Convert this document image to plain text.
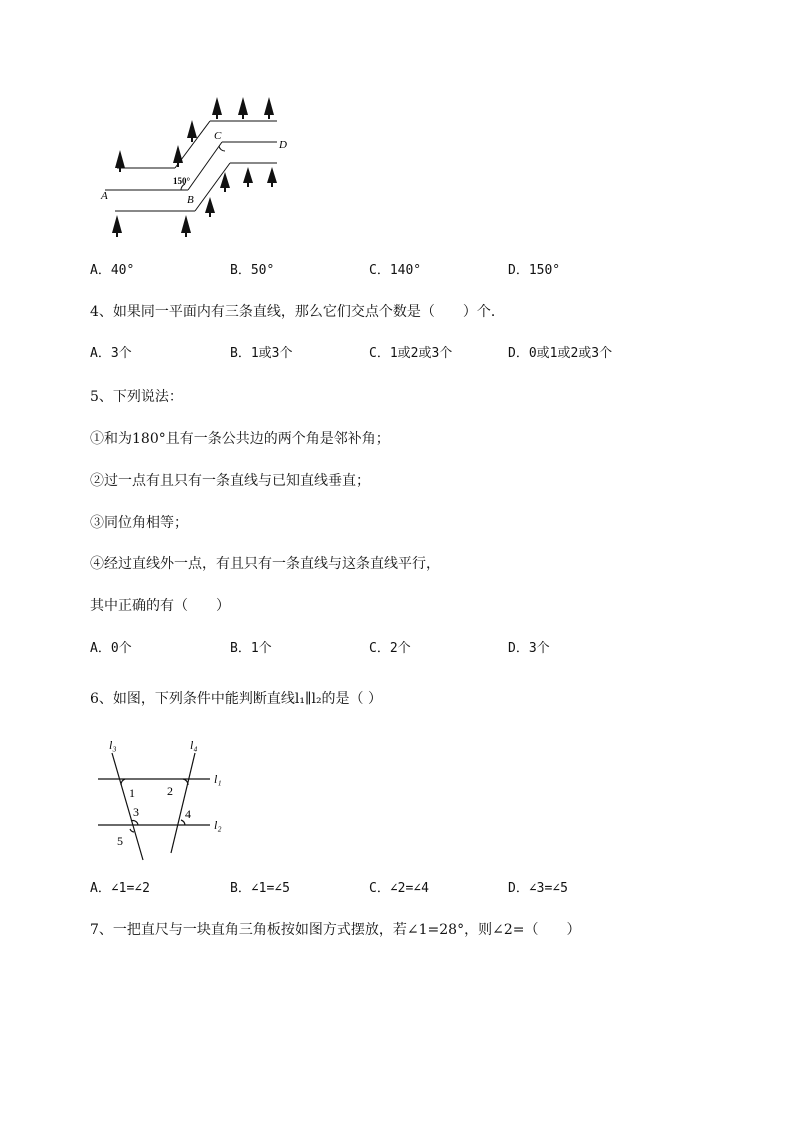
A	B
C
D
150°
A．40°	B．50°	C．140°	D．150°
4、如果同一平面内有三条直线，那么它们交点个数是（　　）个．
A．3个	B．1或3个	C．1或2或3个	D．0或1或2或3个
5、下列说法：
①和为180°且有一条公共边的两个角是邻补角；
②过一点有且只有一条直线与已知直线垂直；
③同位角相等；
④经过直线外一点，有且只有一条直线与这条直线平行，
其中正确的有（　　）
A．0个	B．1个	C．2个	D．3个
6、如图，下列条件中能判断直线l₁∥l₂的是（ ）
l₃	l₄
l₁
l₂
1	2
3	4
5
A．∠1=∠2	B．∠1=∠5	C．∠2=∠4	D．∠3=∠5
7、一把直尺与一块直角三角板按如图方式摆放，若∠1=28°，则∠2=（　　）
